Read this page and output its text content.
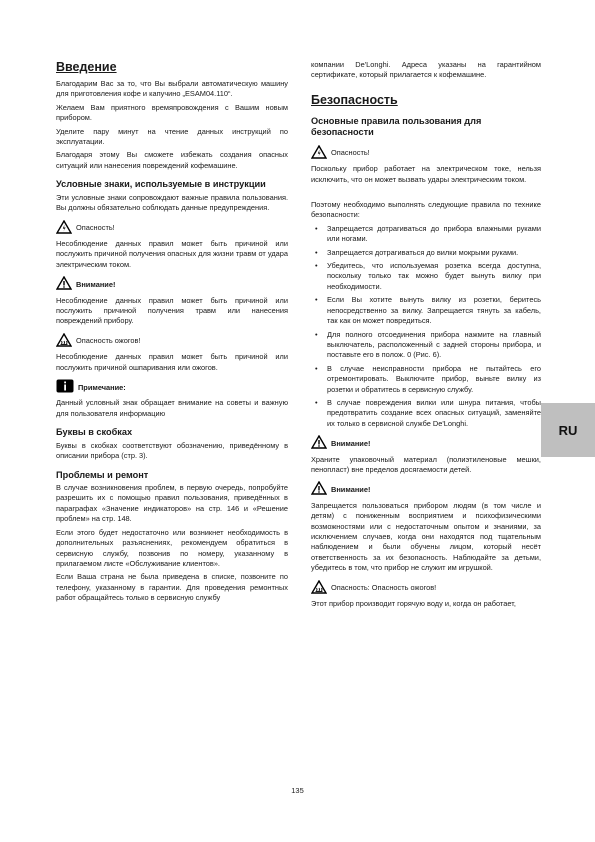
Введение

Благодарим Вас за то, что Вы выбрали автоматическую машину для приготовления кофе и капучино „ESAM04.110“.

Желаем Вам приятного времяпровождения с Вашим новым прибором.

Уделите пару минут на чтение данных инструкций по эксплуатации.

Благодаря этому Вы сможете избежать создания опасных ситуаций или нанесения повреждений кофемашине.

Условные знаки, используемые в инструкции

Эти условные знаки сопровождают важные правила пользования. Вы должны обязательно соблюдать данные предупреждения.

Опасность!

Несоблюдение данных правил может быть причиной или послужить причиной получения опасных для жизни травм от удара электрическим током.

Внимание!

Несоблюдение данных правил может быть причиной или послужить причиной получения травм или нанесения повреждений прибору.

Опасность ожогов!

Несоблюдение данных правил может быть причиной или послужить причиной ошпаривания или ожогов.

Примечание:

Данный условный знак обращает внимание на советы и важную для пользователя информацию

Буквы в скобках

Буквы в скобках соответствуют обозначению, приведённому в описании прибора (стр. 3).

Проблемы и ремонт

В случае возникновения проблем, в первую очередь, попробуйте разрешить их с помощью правил пользования, приведённых в параграфах «Значение индикаторов» на стр. 146 и «Решение проблем» на стр. 148.

Если этого будет недостаточно или возникнет необходимость в дополнительных разъяснениях, рекомендуем обратиться в сервисную службу, позвонив по номеру, указанному в прилагаемом листе «Обслуживание клиентов».

Если Ваша страна не была приведена в списке, позвоните по телефону, указанному в гарантии. Для проведения ремонтных работ обращайтесь только в сервисную службу

компании De'Longhi. Адреса указаны на гарантийном сертификате, который прилагается к кофемашине.

Безопасность
Основные правила пользования для безопасности
Опасность!

Поскольку прибор работает на электрическом токе, нельзя исключить, что он может вызвать удары электрическим током.

Поэтому необходимо выполнять следующие правила по технике безопасности:

• Запрещается дотрагиваться до прибора влажными руками или ногами.
• Запрещается дотрагиваться до вилки мокрыми руками.
• Убедитесь, что используемая розетка всегда доступна, поскольку только так можно будет вынуть вилку при необходимости.
• Если Вы хотите вынуть вилку из розетки, беритесь непосредственно за вилку. Запрещается тянуть за кабель, так как он может повредиться.
• Для полного отсоединения прибора нажмите на главный выключатель, расположенный с задней стороны прибора, и поставьте его в полож. 0 (Рис. 6).
• В случае неисправности прибора не пытайтесь его отремонтировать. Выключите прибор, выньте вилку из розетки и обратитесь в сервисную службу.
• В случае повреждения вилки или шнура питания, чтобы предотвратить создание всех опасных ситуаций, заменяйте их только в сервисной службе De'Longhi.
Внимание!

Храните упаковочный материал (полиэтиленовые мешки, пенопласт) вне пределов досягаемости детей.

Внимание!

Запрещается пользоваться прибором людям (в том числе и детям) с пониженным восприятием и психофизическими возможностями или с недостаточным опытом и знаниями, за исключением случаев, когда они находятся под тщательным наблюдением и были обучены лицом, который несёт ответственность за их безопасность. Наблюдайте за детьми, убедитесь в том, что прибор не служит им игрушкой.

Опасность: Опасность ожогов!

Этот прибор производит горячую воду и, когда он работает,

RU
135
